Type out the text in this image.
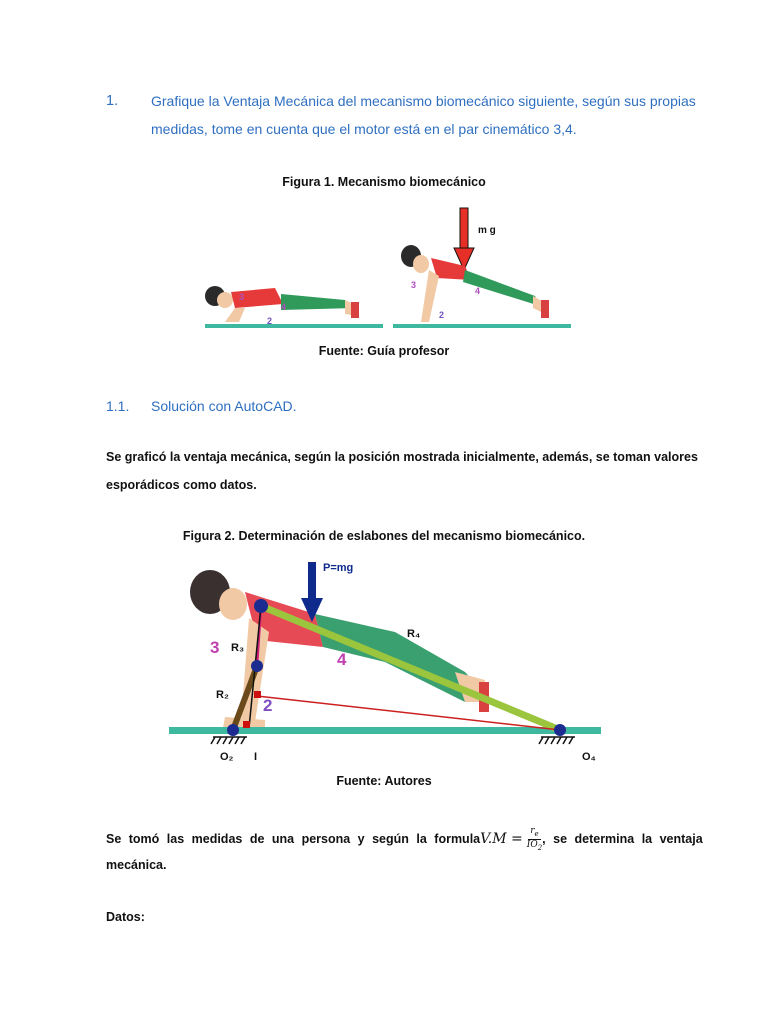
1. Grafique la Ventaja Mecánica del mecanismo biomecánico siguiente, según sus propias
medidas, tome en cuenta que el motor está en el par cinemático 3,4.
Figura 1. Mecanismo biomecánico
3
4
2
m g
3
4
2
Fuente: Guía profesor
1.1. Solución con AutoCAD.
Se graficó la ventaja mecánica, según la posición mostrada inicialmente, además, se toman valores
esporádicos como datos.
Figura 2. Determinación de eslabones del mecanismo biomecánico.
P=mg
R₄
R₃
R₂
3
4
2
O₂ I	O₄
Fuente: Autores
Se tomó las medidas de una persona y según la formula $V.M = \frac{r_e}{IO_2}$ , se determina la ventaja
mecánica.
Datos:
